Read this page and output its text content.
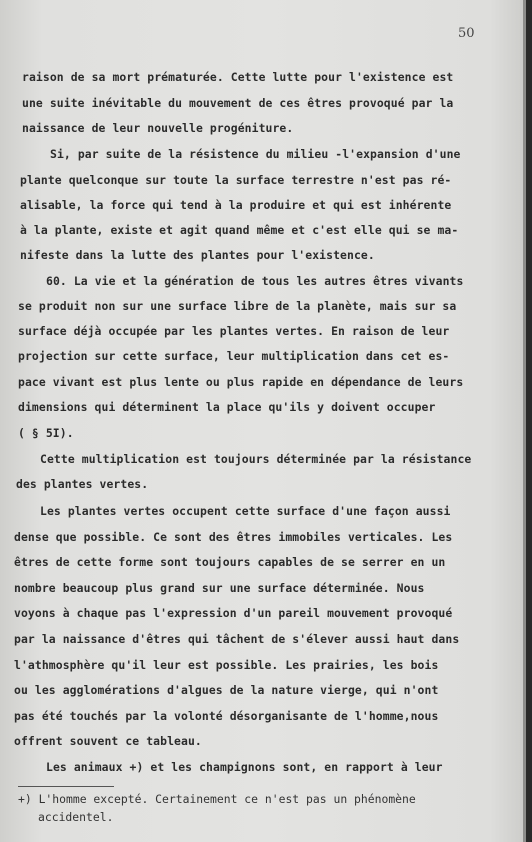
50
raison de sa mort prématurée. Cette lutte pour l'existence est
une suite inévitable du mouvement de ces êtres provoqué par la
naissance de leur nouvelle progéniture.
Si, par suite de la résistence du milieu -l'expansion d'une
plante quelconque sur toute la surface terrestre n'est pas ré-
alisable, la force qui tend à la produire et qui est inhérente
à la plante, existe et agit quand même et c'est elle qui se ma-
nifeste dans la lutte des plantes pour l'existence.
60. La vie et la génération de tous les autres êtres vivants
se produit non sur une surface libre de la planète, mais sur sa
surface déjà occupée par les plantes vertes. En raison de leur
projection sur cette surface, leur multiplication dans cet es-
pace vivant est plus lente ou plus rapide en dépendance de leurs
dimensions qui déterminent la place qu'ils y doivent occuper
( § 5I).
Cette multiplication est toujours déterminée par la résistance
des plantes vertes.
Les plantes vertes occupent cette surface d'une façon aussi
dense que possible. Ce sont des êtres immobiles verticales. Les
êtres de cette forme sont toujours capables de se serrer en un
nombre beaucoup plus grand sur une surface déterminée. Nous
voyons à chaque pas l'expression d'un pareil mouvement provoqué
par la naissance d'êtres qui tâchent de s'élever aussi haut dans
l'athmosphère qu'il leur est possible. Les prairies, les bois
ou les agglomérations d'algues de la nature vierge, qui n'ont
pas été touchés par la volonté désorganisante de l'homme,nous
offrent souvent ce tableau.
Les animaux +) et les champignons sont, en rapport à leur
+) L'homme excepté. Certainement ce n'est pas un phénomène
accidentel.
